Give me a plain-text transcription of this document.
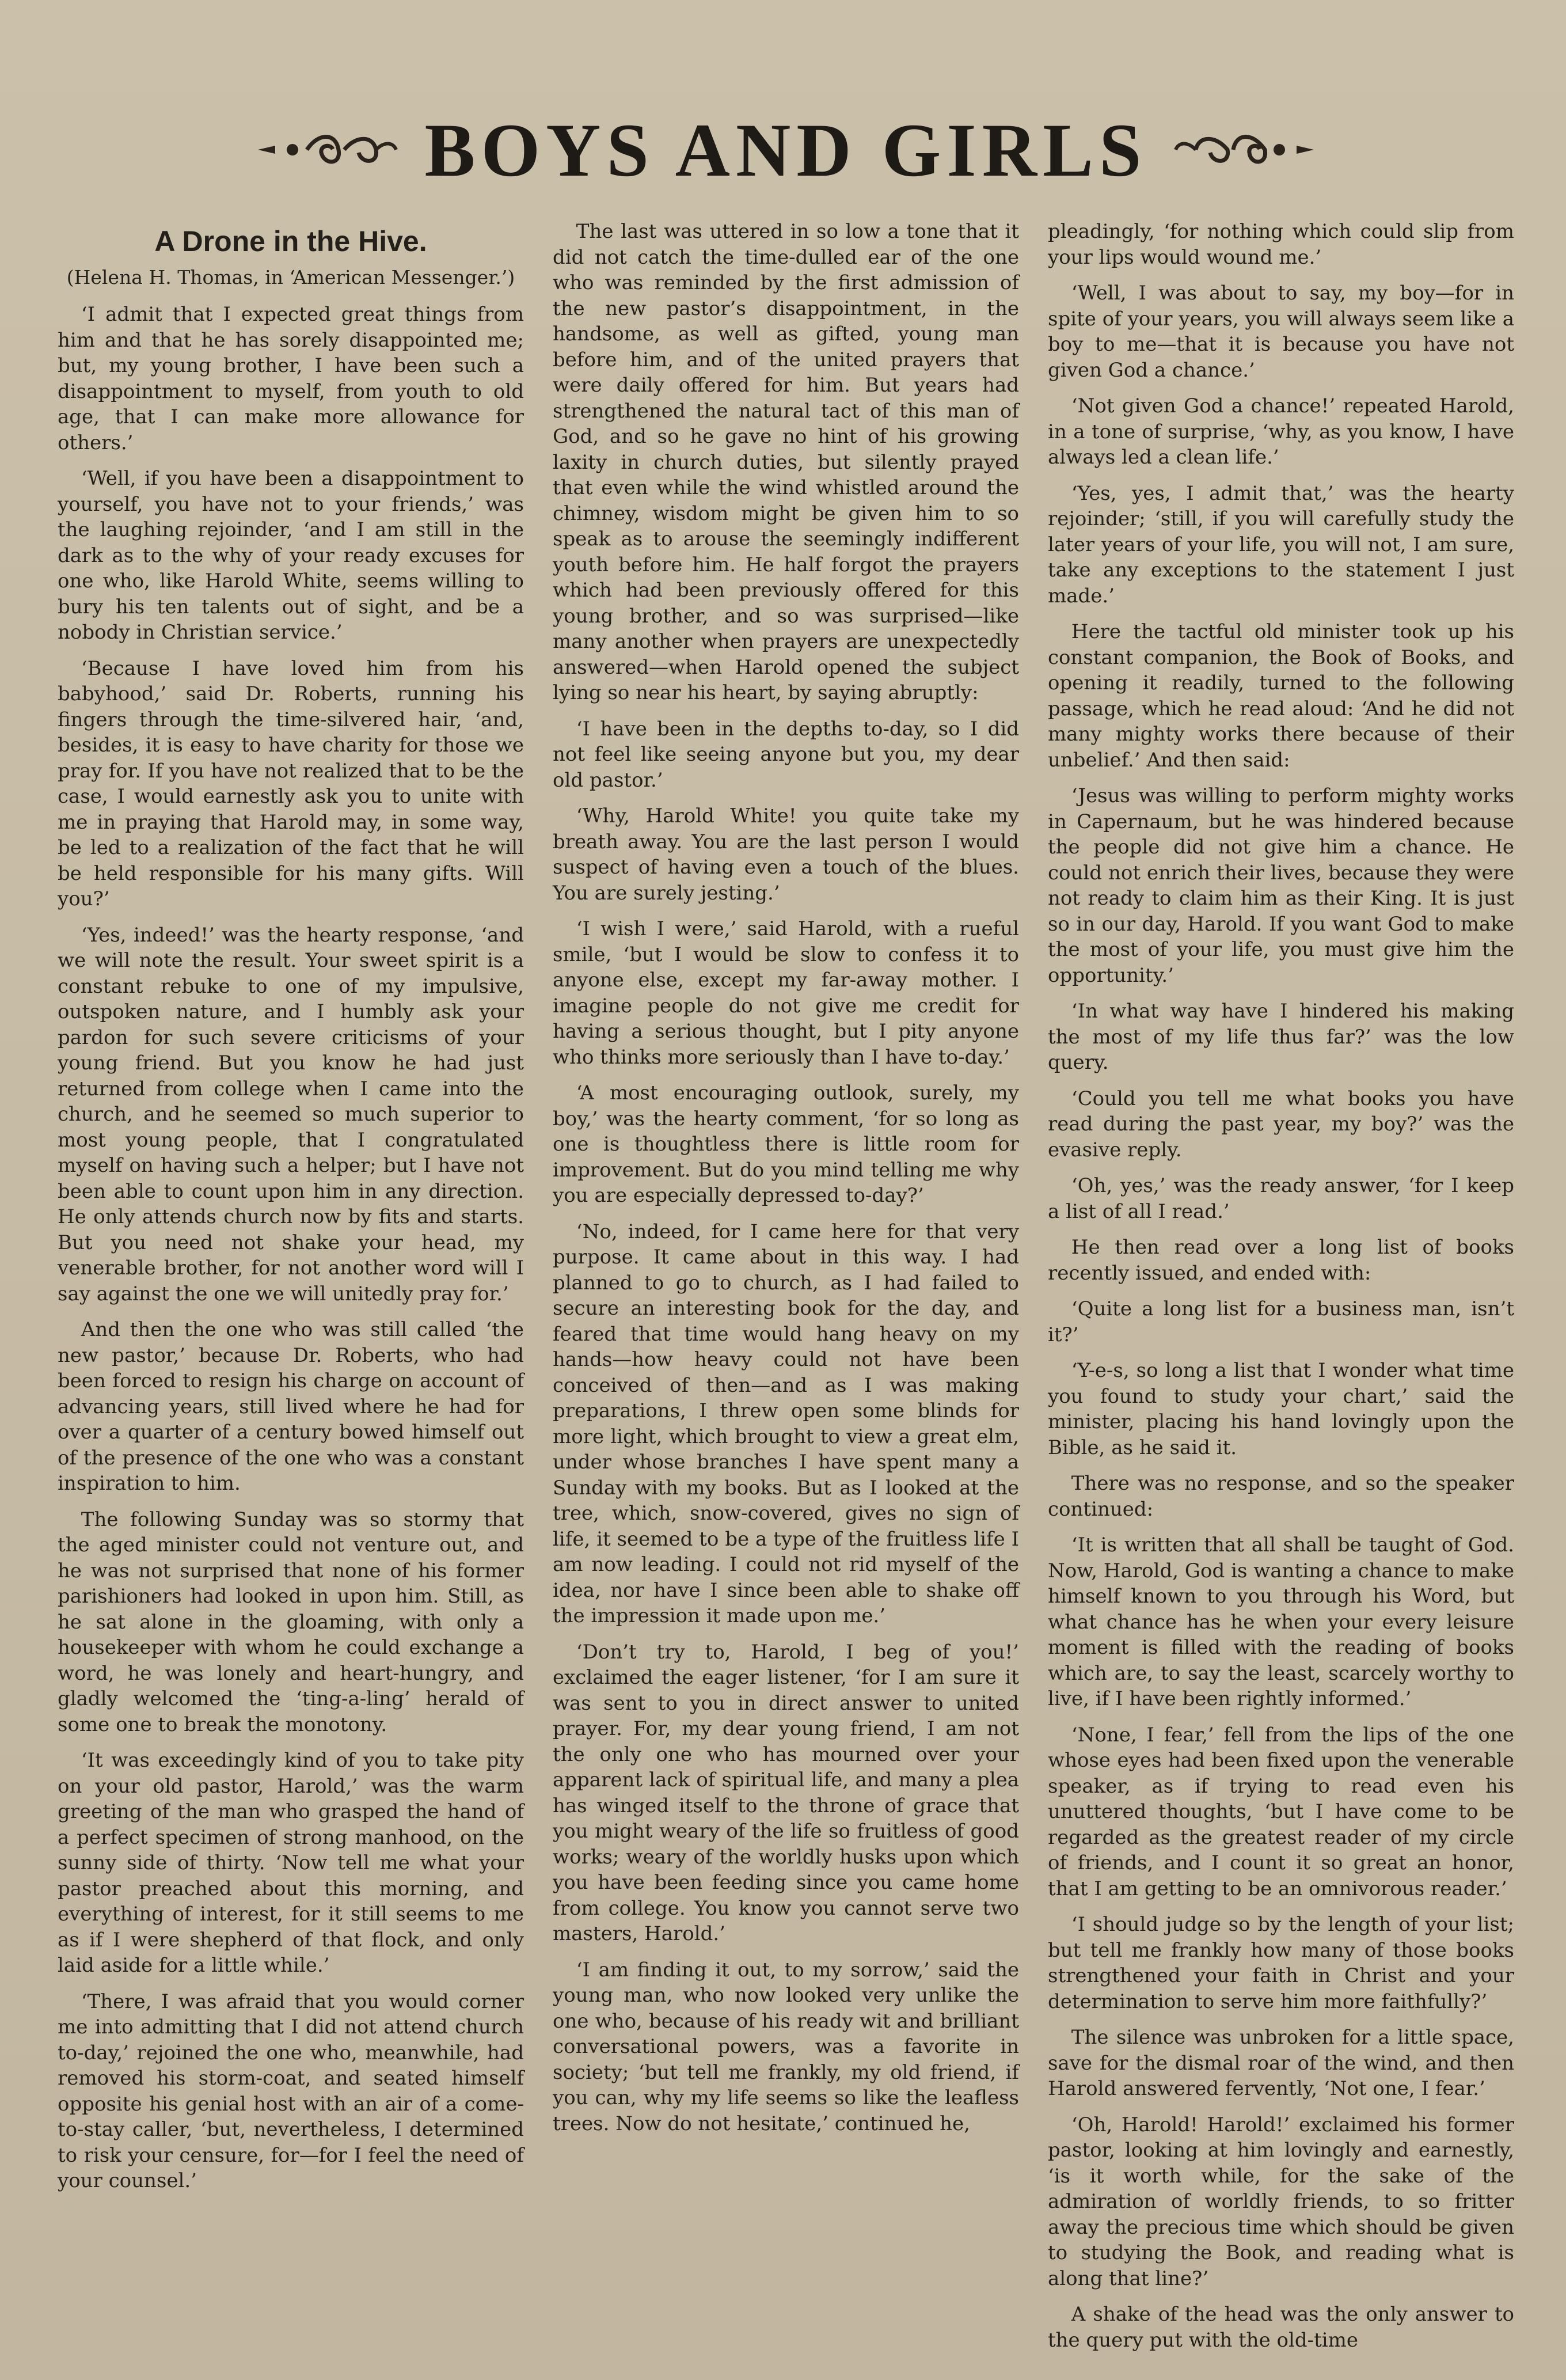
BOYS AND GIRLS
A Drone in the Hive.
(Helena H. Thomas, in ‘American Messenger.’)

‘I admit that I expected great things from him and that he has sorely disappointed me; but, my young brother, I have been such a disappointment to myself, from youth to old age, that I can make more allowance for others.’

‘Well, if you have been a disappointment to yourself, you have not to your friends,’ was the laughing rejoinder, ‘and I am still in the dark as to the why of your ready excuses for one who, like Harold White, seems willing to bury his ten talents out of sight, and be a nobody in Christian service.’

‘Because I have loved him from his babyhood,’ said Dr. Roberts, running his fingers through the time-silvered hair, ‘and, besides, it is easy to have charity for those we pray for. If you have not realized that to be the case, I would earnestly ask you to unite with me in praying that Harold may, in some way, be led to a realization of the fact that he will be held responsible for his many gifts. Will you?’

‘Yes, indeed!’ was the hearty response, ‘and we will note the result. Your sweet spirit is a constant rebuke to one of my impulsive, outspoken nature, and I humbly ask your pardon for such severe criticisms of your young friend. But you know he had just returned from college when I came into the church, and he seemed so much superior to most young people, that I congratulated myself on having such a helper; but I have not been able to count upon him in any direction. He only attends church now by fits and starts. But you need not shake your head, my venerable brother, for not another word will I say against the one we will unitedly pray for.’

And then the one who was still called ‘the new pastor,’ because Dr. Roberts, who had been forced to resign his charge on account of advancing years, still lived where he had for over a quarter of a century bowed himself out of the presence of the one who was a constant inspiration to him.

The following Sunday was so stormy that the aged minister could not venture out, and he was not surprised that none of his former parishioners had looked in upon him. Still, as he sat alone in the gloaming, with only a housekeeper with whom he could exchange a word, he was lonely and heart-hungry, and gladly welcomed the ‘ting-a-ling’ herald of some one to break the monotony.

‘It was exceedingly kind of you to take pity on your old pastor, Harold,’ was the warm greeting of the man who grasped the hand of a perfect specimen of strong manhood, on the sunny side of thirty. ‘Now tell me what your pastor preached about this morning, and everything of interest, for it still seems to me as if I were shepherd of that flock, and only laid aside for a little while.’

‘There, I was afraid that you would corner me into admitting that I did not attend church to-day,’ rejoined the one who, meanwhile, had removed his storm-coat, and seated himself opposite his genial host with an air of a come-to-stay caller, ‘but, nevertheless, I determined to risk your censure, for—for I feel the need of your counsel.’

The last was uttered in so low a tone that it did not catch the time-dulled ear of the one who was reminded by the first admission of the new pastor’s disappointment, in the handsome, as well as gifted, young man before him, and of the united prayers that were daily offered for him. But years had strengthened the natural tact of this man of God, and so he gave no hint of his growing laxity in church duties, but silently prayed that even while the wind whistled around the chimney, wisdom might be given him to so speak as to arouse the seemingly indifferent youth before him. He half forgot the prayers which had been previously offered for this young brother, and so was surprised—like many another when prayers are unexpectedly answered—when Harold opened the subject lying so near his heart, by saying abruptly:

‘I have been in the depths to-day, so I did not feel like seeing anyone but you, my dear old pastor.’

‘Why, Harold White! you quite take my breath away. You are the last person I would suspect of having even a touch of the blues. You are surely jesting.’

‘I wish I were,’ said Harold, with a rueful smile, ‘but I would be slow to confess it to anyone else, except my far-away mother. I imagine people do not give me credit for having a serious thought, but I pity anyone who thinks more seriously than I have to-day.’

‘A most encouraging outlook, surely, my boy,’ was the hearty comment, ‘for so long as one is thoughtless there is little room for improvement. But do you mind telling me why you are especially depressed to-day?’

‘No, indeed, for I came here for that very purpose. It came about in this way. I had planned to go to church, as I had failed to secure an interesting book for the day, and feared that time would hang heavy on my hands—how heavy could not have been conceived of then—and as I was making preparations, I threw open some blinds for more light, which brought to view a great elm, under whose branches I have spent many a Sunday with my books. But as I looked at the tree, which, snow-covered, gives no sign of life, it seemed to be a type of the fruitless life I am now leading. I could not rid myself of the idea, nor have I since been able to shake off the impression it made upon me.’

‘Don’t try to, Harold, I beg of you!’ exclaimed the eager listener, ‘for I am sure it was sent to you in direct answer to united prayer. For, my dear young friend, I am not the only one who has mourned over your apparent lack of spiritual life, and many a plea has winged itself to the throne of grace that you might weary of the life so fruitless of good works; weary of the worldly husks upon which you have been feeding since you came home from college. You know you cannot serve two masters, Harold.’

‘I am finding it out, to my sorrow,’ said the young man, who now looked very unlike the one who, because of his ready wit and brilliant conversational powers, was a favorite in society; ‘but tell me frankly, my old friend, if you can, why my life seems so like the leafless trees. Now do not hesitate,’ continued he,

pleadingly, ‘for nothing which could slip from your lips would wound me.’

‘Well, I was about to say, my boy—for in spite of your years, you will always seem like a boy to me—that it is because you have not given God a chance.’

‘Not given God a chance!’ repeated Harold, in a tone of surprise, ‘why, as you know, I have always led a clean life.’

‘Yes, yes, I admit that,’ was the hearty rejoinder; ‘still, if you will carefully study the later years of your life, you will not, I am sure, take any exceptions to the statement I just made.’

Here the tactful old minister took up his constant companion, the Book of Books, and opening it readily, turned to the following passage, which he read aloud: ‘And he did not many mighty works there because of their unbelief.’ And then said:

‘Jesus was willing to perform mighty works in Capernaum, but he was hindered because the people did not give him a chance. He could not enrich their lives, because they were not ready to claim him as their King. It is just so in our day, Harold. If you want God to make the most of your life, you must give him the opportunity.’

‘In what way have I hindered his making the most of my life thus far?’ was the low query.

‘Could you tell me what books you have read during the past year, my boy?’ was the evasive reply.

‘Oh, yes,’ was the ready answer, ‘for I keep a list of all I read.’

He then read over a long list of books recently issued, and ended with:

‘Quite a long list for a business man, isn’t it?’

‘Y-e-s, so long a list that I wonder what time you found to study your chart,’ said the minister, placing his hand lovingly upon the Bible, as he said it.

There was no response, and so the speaker continued:

‘It is written that all shall be taught of God. Now, Harold, God is wanting a chance to make himself known to you through his Word, but what chance has he when your every leisure moment is filled with the reading of books which are, to say the least, scarcely worthy to live, if I have been rightly informed.’

‘None, I fear,’ fell from the lips of the one whose eyes had been fixed upon the venerable speaker, as if trying to read even his unuttered thoughts, ‘but I have come to be regarded as the greatest reader of my circle of friends, and I count it so great an honor, that I am getting to be an omnivorous reader.’

‘I should judge so by the length of your list; but tell me frankly how many of those books strengthened your faith in Christ and your determination to serve him more faithfully?’

The silence was unbroken for a little space, save for the dismal roar of the wind, and then Harold answered fervently, ‘Not one, I fear.’

‘Oh, Harold! Harold!’ exclaimed his former pastor, looking at him lovingly and earnestly, ‘is it worth while, for the sake of the admiration of worldly friends, to so fritter away the precious time which should be given to studying the Book, and reading what is along that line?’

A shake of the head was the only answer to the query put with the old-time
